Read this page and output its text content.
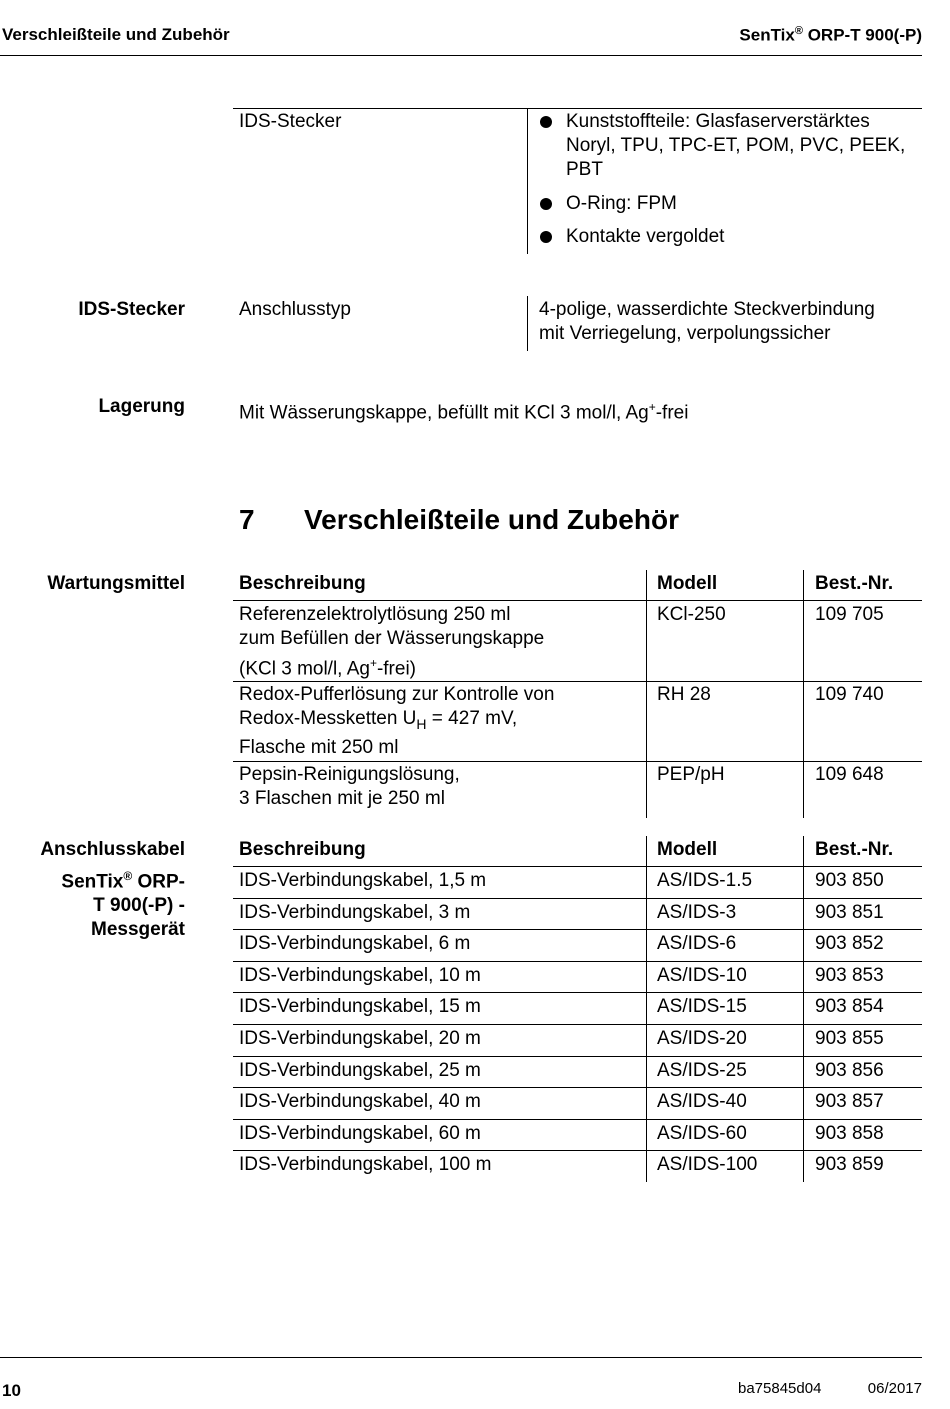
Verschleißteile und Zubehör	SenTix® ORP-T 900(-P)
IDS-Stecker	Kunststoffteile: Glasfaserverstärktes Noryl, TPU, TPC-ET, POM, PVC, PEEK, PBT
O-Ring: FPM
Kontakte vergoldet
IDS-Stecker	Anschlusstyp	4-polige, wasserdichte Steckverbindung
mit Verriegelung, verpolungssicher
Lagerung	Mit Wässerungskappe, befüllt mit KCl 3 mol/l, Ag+-frei
7 Verschleißteile und Zubehör
Wartungsmittel	Beschreibung	Modell	Best.-Nr.
Referenzelektrolytlösung 250 ml
zum Befüllen der Wässerungskappe
(KCl 3 mol/l, Ag+-frei)
KCl-250	109 705
Redox-Pufferlösung zur Kontrolle von
Redox-Messketten $U_H = 427$ mV,
Flasche mit 250 ml
RH 28	109 740
Pepsin-Reinigungslösung,
3 Flaschen mit je 250 ml
PEP/pH	109 648
Anschlusskabel
SenTix® ORP-
T 900(-P) -
Messgerät
Beschreibung	Modell	Best.-Nr.
IDS-Verbindungskabel, 1,5 m	AS/IDS-1.5	903 850
IDS-Verbindungskabel, 3 m	AS/IDS-3	903 851
IDS-Verbindungskabel, 6 m	AS/IDS-6	903 852
IDS-Verbindungskabel, 10 m	AS/IDS-10	903 853
IDS-Verbindungskabel, 15 m	AS/IDS-15	903 854
IDS-Verbindungskabel, 20 m	AS/IDS-20	903 855
IDS-Verbindungskabel, 25 m	AS/IDS-25	903 856
IDS-Verbindungskabel, 40 m	AS/IDS-40	903 857
IDS-Verbindungskabel, 60 m	AS/IDS-60	903 858
IDS-Verbindungskabel, 100 m	AS/IDS-100	903 859
10	ba75845d04	06/2017
